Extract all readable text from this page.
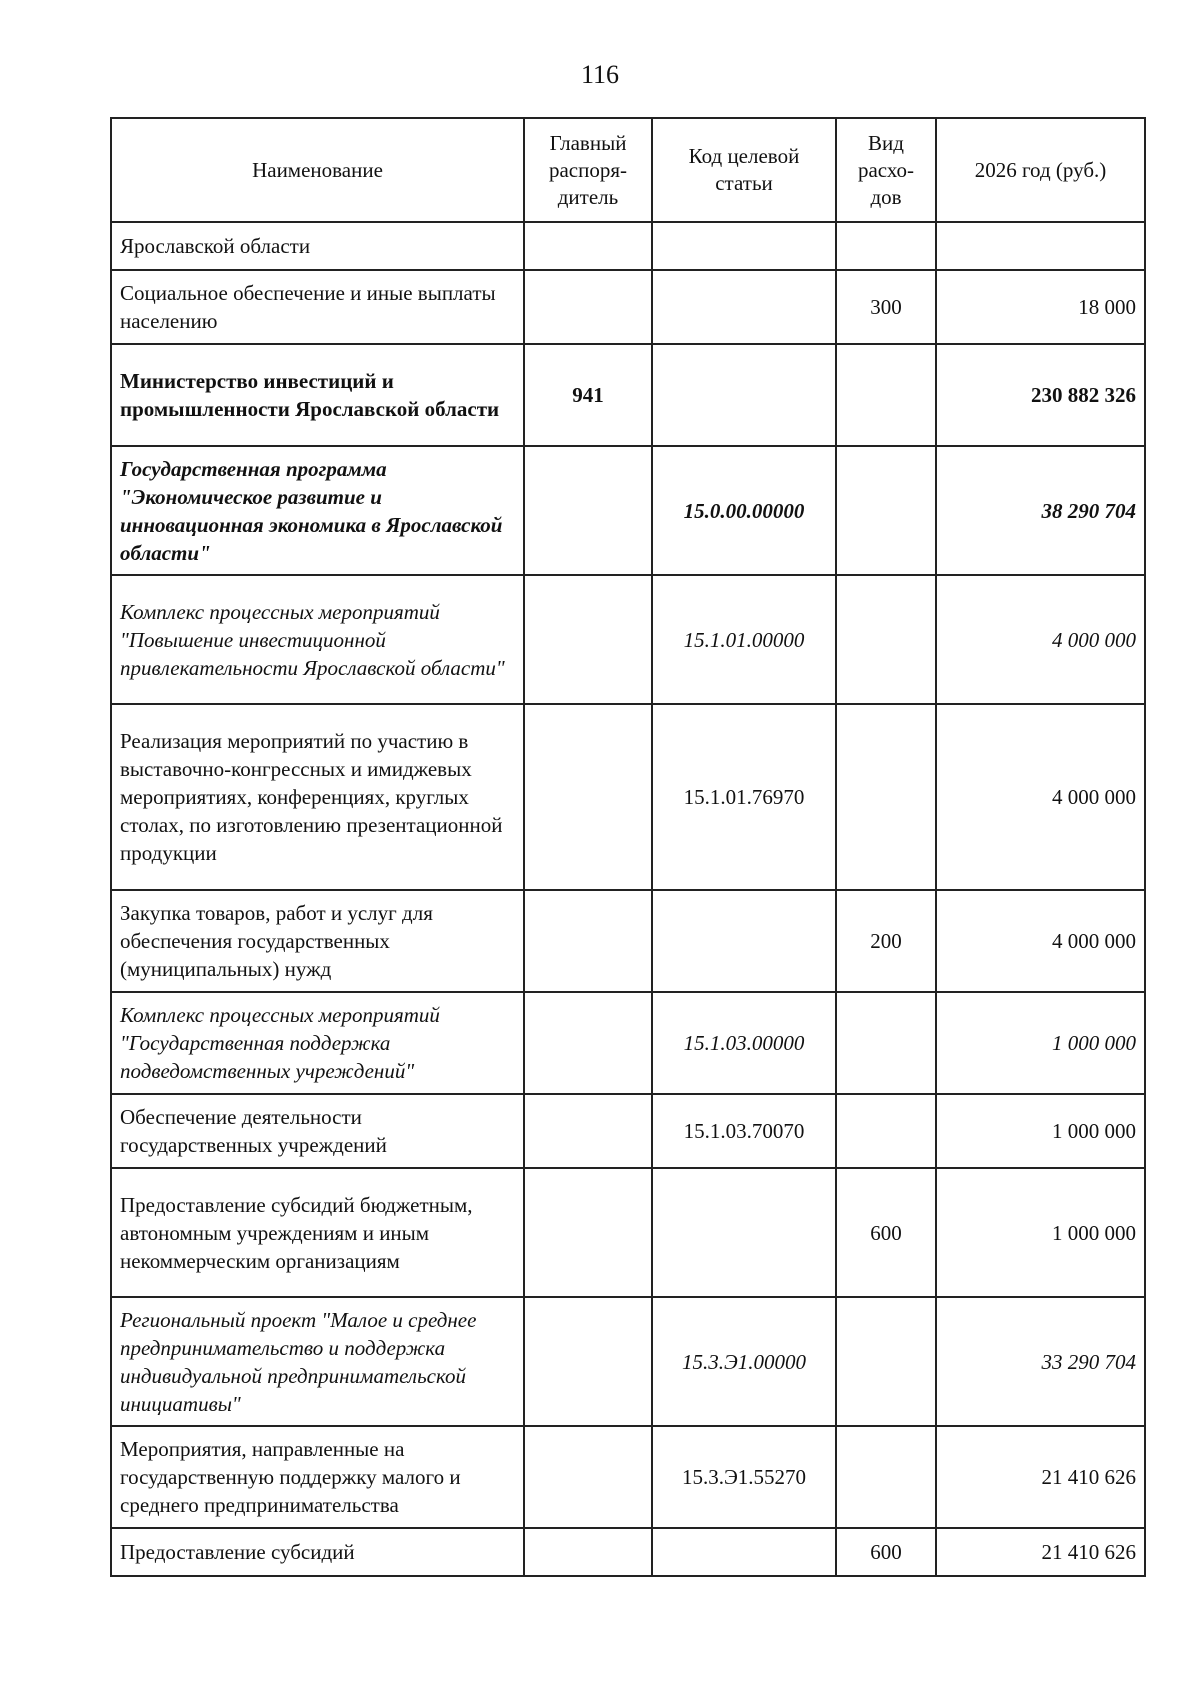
116
Наименование	Главный распоря-дитель	Код целевой статьи	Вид расхо-дов	2026 год (руб.)
Ярославской области				
Социальное обеспечение и иные выплаты населению			300	18 000
Министерство инвестиций и промышленности Ярославской области	941			230 882 326
Государственная программа "Экономическое развитие и инновационная экономика в Ярославской области"		15.0.00.00000		38 290 704
Комплекс процессных мероприятий "Повышение инвестиционной привлекательности Ярославской области"		15.1.01.00000		4 000 000
Реализация мероприятий по участию в выставочно-конгрессных и имиджевых мероприятиях, конференциях, круглых столах, по изготовлению презентационной продукции		15.1.01.76970		4 000 000
Закупка товаров, работ и услуг для обеспечения государственных (муниципальных) нужд			200	4 000 000
Комплекс процессных мероприятий "Государственная поддержка подведомственных учреждений"		15.1.03.00000		1 000 000
Обеспечение деятельности государственных учреждений		15.1.03.70070		1 000 000
Предоставление субсидий бюджетным, автономным учреждениям и иным некоммерческим организациям			600	1 000 000
Региональный проект "Малое и среднее предпринимательство и поддержка индивидуальной предпринимательской инициативы"		15.3.Э1.00000		33 290 704
Мероприятия, направленные на государственную поддержку малого и среднего предпринимательства		15.3.Э1.55270		21 410 626
Предоставление субсидий			600	21 410 626
